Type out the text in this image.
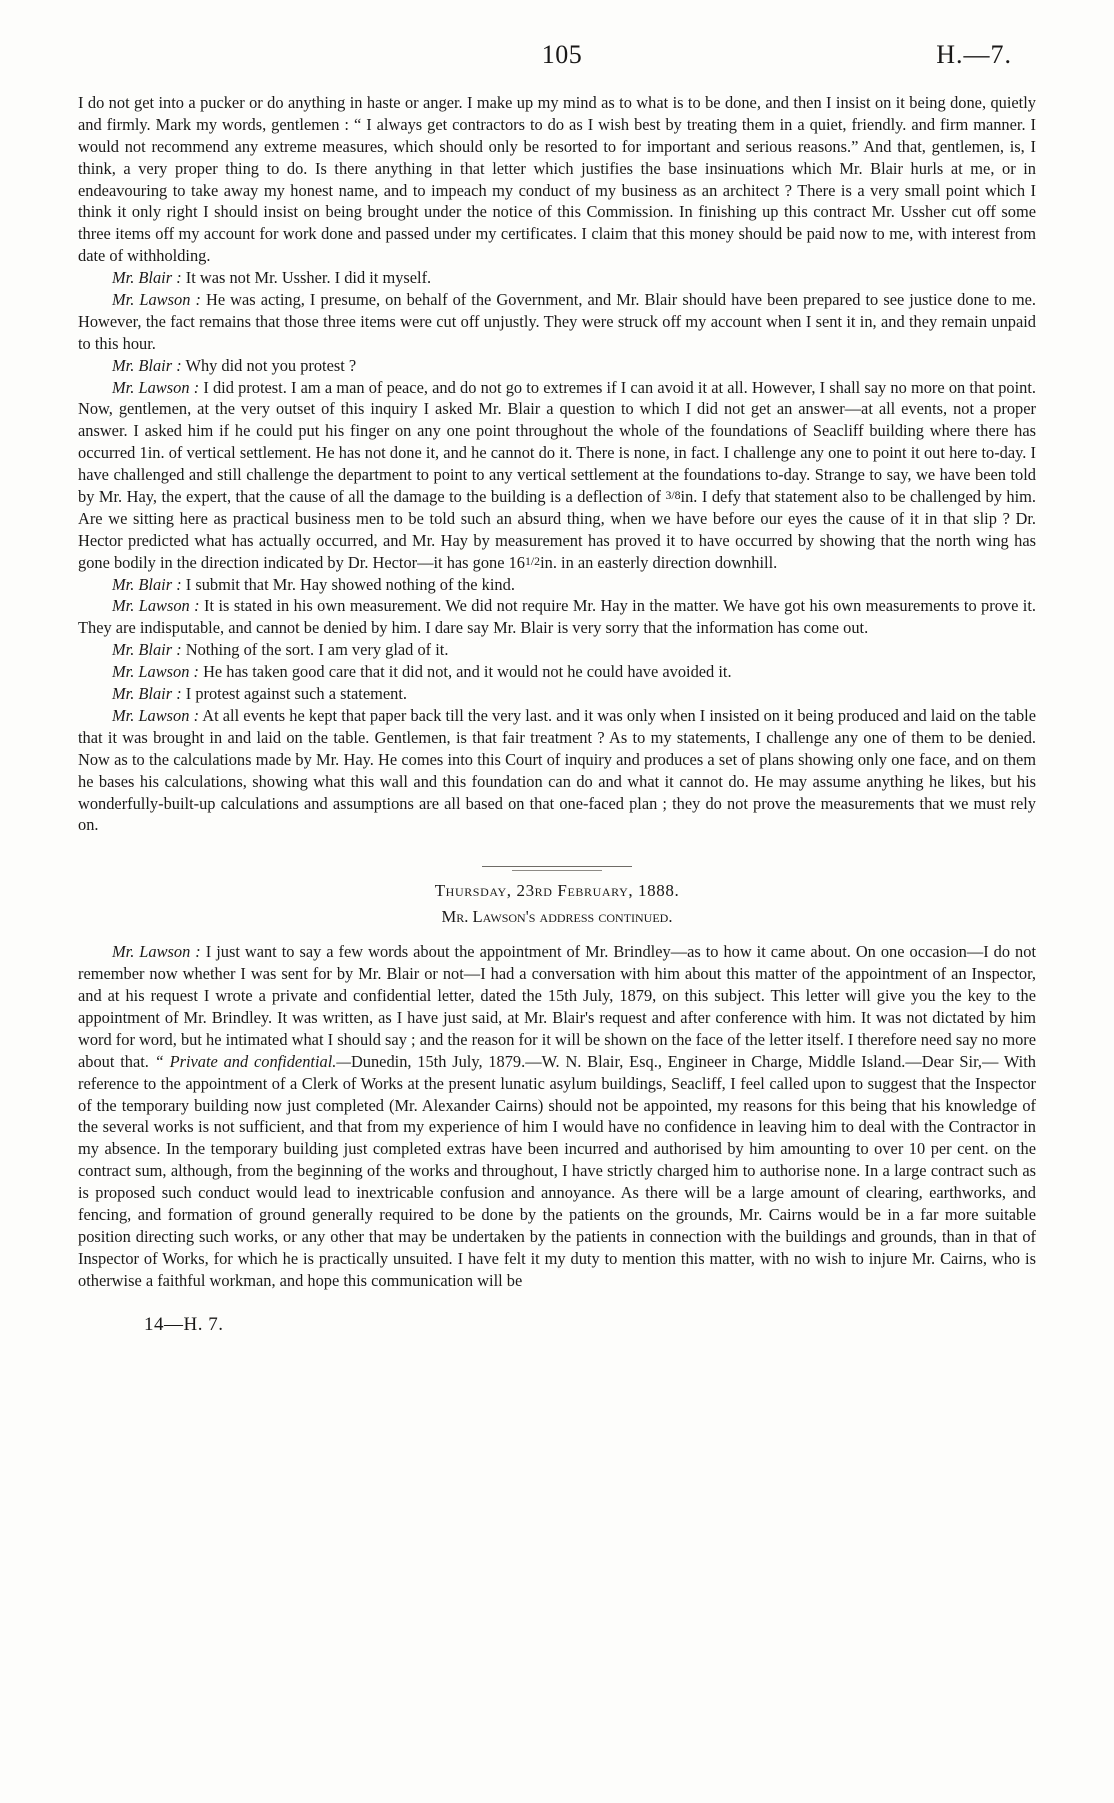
105	H.—7.

I do not get into a pucker or do anything in haste or anger. I make up my mind as to what is to be done, and then I insist on it being done, quietly and firmly. Mark my words, gentlemen : “ I always get contractors to do as I wish best by treating them in a quiet, friendly. and firm manner. I would not recommend any extreme measures, which should only be resorted to for important and serious reasons.” And that, gentlemen, is, I think, a very proper thing to do. Is there anything in that letter which justifies the base insinuations which Mr. Blair hurls at me, or in endeavouring to take away my honest name, and to impeach my conduct of my business as an architect ? There is a very small point which I think it only right I should insist on being brought under the notice of this Commission. In finishing up this contract Mr. Ussher cut off some three items off my account for work done and passed under my certificates. I claim that this money should be paid now to me, with interest from date of withholding.

Mr. Blair : It was not Mr. Ussher. I did it myself.

Mr. Lawson : He was acting, I presume, on behalf of the Government, and Mr. Blair should have been prepared to see justice done to me. However, the fact remains that those three items were cut off unjustly. They were struck off my account when I sent it in, and they remain unpaid to this hour.

Mr. Blair : Why did not you protest ?

Mr. Lawson : I did protest. I am a man of peace, and do not go to extremes if I can avoid it at all. However, I shall say no more on that point. Now, gentlemen, at the very outset of this inquiry I asked Mr. Blair a question to which I did not get an answer—at all events, not a proper answer. I asked him if he could put his finger on any one point throughout the whole of the foundations of Seacliff building where there has occurred 1in. of vertical settlement. He has not done it, and he cannot do it. There is none, in fact. I challenge any one to point it out here to-day. I have challenged and still challenge the department to point to any vertical settlement at the foundations to-day. Strange to say, we have been told by Mr. Hay, the expert, that the cause of all the damage to the building is a deflection of 3/8in. I defy that statement also to be challenged by him. Are we sitting here as practical business men to be told such an absurd thing, when we have before our eyes the cause of it in that slip ? Dr. Hector predicted what has actually occurred, and Mr. Hay by measurement has proved it to have occurred by showing that the north wing has gone bodily in the direction indicated by Dr. Hector—it has gone 161/2in. in an easterly direction downhill.

Mr. Blair : I submit that Mr. Hay showed nothing of the kind.

Mr. Lawson : It is stated in his own measurement. We did not require Mr. Hay in the matter. We have got his own measurements to prove it. They are indisputable, and cannot be denied by him. I dare say Mr. Blair is very sorry that the information has come out.

Mr. Blair : Nothing of the sort. I am very glad of it.

Mr. Lawson : He has taken good care that it did not, and it would not he could have avoided it.

Mr. Blair : I protest against such a statement.

Mr. Lawson : At all events he kept that paper back till the very last. and it was only when I insisted on it being produced and laid on the table that it was brought in and laid on the table. Gentlemen, is that fair treatment ? As to my statements, I challenge any one of them to be denied. Now as to the calculations made by Mr. Hay. He comes into this Court of inquiry and produces a set of plans showing only one face, and on them he bases his calculations, showing what this wall and this foundation can do and what it cannot do. He may assume anything he likes, but his wonderfully-built-up calculations and assumptions are all based on that one-faced plan ; they do not prove the measurements that we must rely on.

Thursday, 23rd February, 1888.
Mr. Lawson's address continued.

Mr. Lawson : I just want to say a few words about the appointment of Mr. Brindley—as to how it came about. On one occasion—I do not remember now whether I was sent for by Mr. Blair or not—I had a conversation with him about this matter of the appointment of an Inspector, and at his request I wrote a private and confidential letter, dated the 15th July, 1879, on this subject. This letter will give you the key to the appointment of Mr. Brindley. It was written, as I have just said, at Mr. Blair's request and after conference with him. It was not dictated by him word for word, but he intimated what I should say ; and the reason for it will be shown on the face of the letter itself. I therefore need say no more about that. “ Private and confidential.—Dunedin, 15th July, 1879.—W. N. Blair, Esq., Engineer in Charge, Middle Island.—Dear Sir,— With reference to the appointment of a Clerk of Works at the present lunatic asylum buildings, Seacliff, I feel called upon to suggest that the Inspector of the temporary building now just completed (Mr. Alexander Cairns) should not be appointed, my reasons for this being that his knowledge of the several works is not sufficient, and that from my experience of him I would have no confidence in leaving him to deal with the Contractor in my absence. In the temporary building just completed extras have been incurred and authorised by him amounting to over 10 per cent. on the contract sum, although, from the beginning of the works and throughout, I have strictly charged him to authorise none. In a large contract such as is proposed such conduct would lead to inextricable confusion and annoyance. As there will be a large amount of clearing, earthworks, and fencing, and formation of ground generally required to be done by the patients on the grounds, Mr. Cairns would be in a far more suitable position directing such works, or any other that may be undertaken by the patients in connection with the buildings and grounds, than in that of Inspector of Works, for which he is practically unsuited. I have felt it my duty to mention this matter, with no wish to injure Mr. Cairns, who is otherwise a faithful workman, and hope this communication will be

14—H. 7.
